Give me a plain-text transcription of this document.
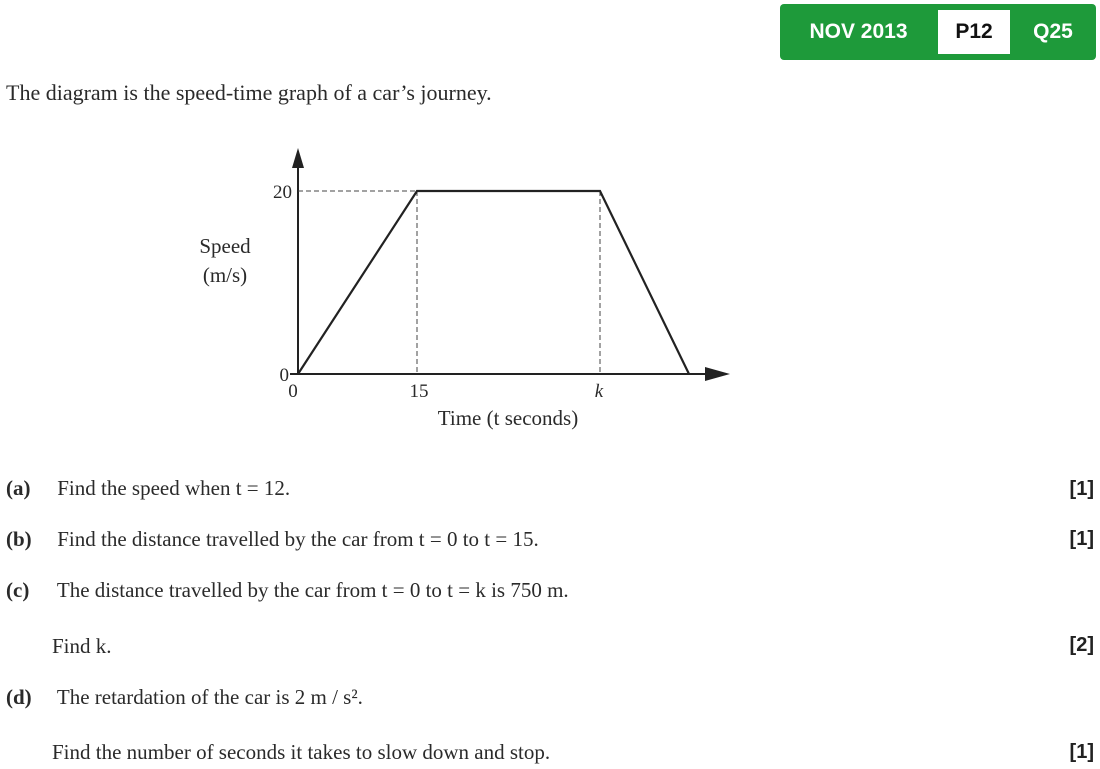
NOV 2013	P12	Q25
The diagram is the speed-time graph of a car’s journey.
Speed
(m/s)
20
0
0	15	k
Time (t seconds)
(a) Find the speed when t = 12.	[1]
(b) Find the distance travelled by the car from t = 0 to t = 15.	[1]
(c) The distance travelled by the car from t = 0 to t = k is 750 m.
Find k.	[2]
(d) The retardation of the car is 2 m / s².
Find the number of seconds it takes to slow down and stop.	[1]
